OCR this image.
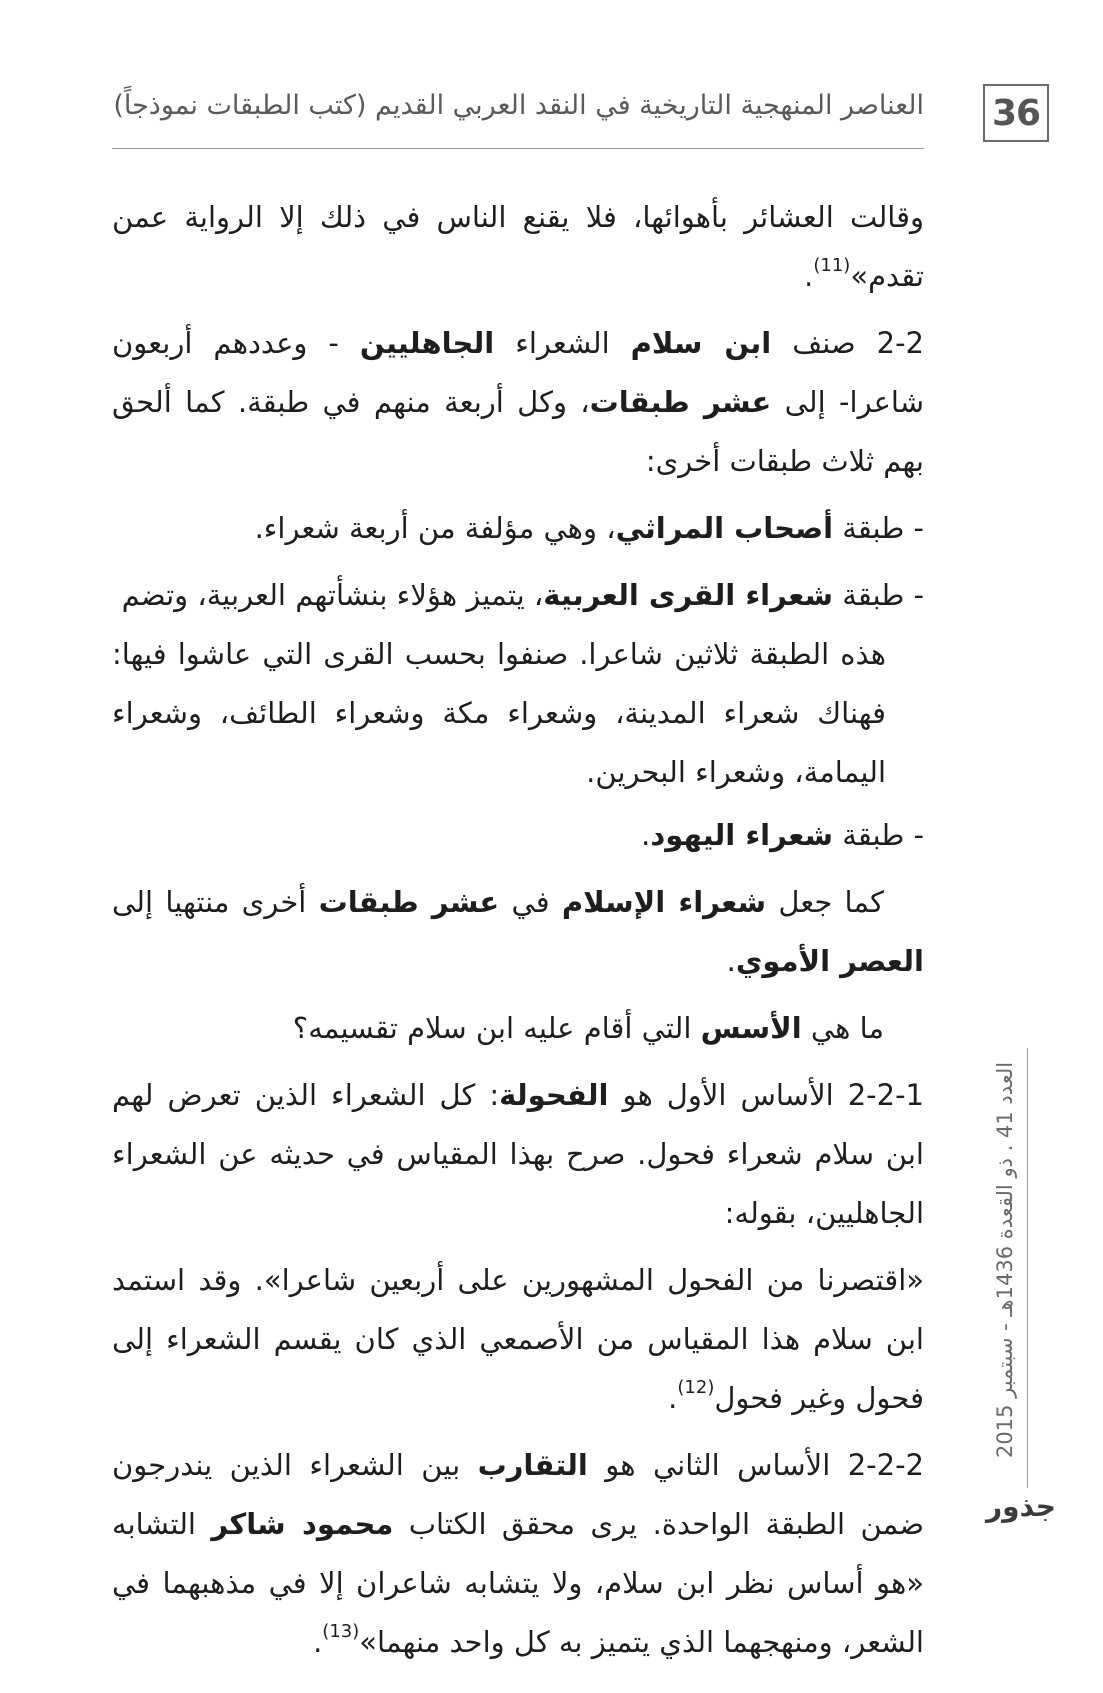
36
العناصر المنهجية التاريخية في النقد العربي القديم (كتب الطبقات نموذجاً)

وقالت العشائر بأهوائها، فلا يقنع الناس في ذلك إلا الرواية عمن تقدم»$^{(11)}$.

2-2 صنف ابن سلام الشعراء الجاهليين - وعددهم أربعون شاعرا- إلى عشر طبقات، وكل أربعة منهم في طبقة. كما ألحق بهم ثلاث طبقات أخرى:

- طبقة أصحاب المراثي، وهي مؤلفة من أربعة شعراء.

- طبقة شعراء القرى العربية، يتميز هؤلاء بنشأتهم العربية، وتضم

هذه الطبقة ثلاثين شاعرا. صنفوا بحسب القرى التي عاشوا فيها: فهناك شعراء المدينة، وشعراء مكة وشعراء الطائف، وشعراء اليمامة، وشعراء البحرين.

- طبقة شعراء اليهود.

كما جعل شعراء الإسلام في عشر طبقات أخرى منتهيا إلى العصر الأموي.

ما هي الأسس التي أقام عليه ابن سلام تقسيمه؟

2-2-1 الأساس الأول هو الفحولة: كل الشعراء الذين تعرض لهم ابن سلام شعراء فحول. صرح بهذا المقياس في حديثه عن الشعراء الجاهليين، بقوله:

«اقتصرنا من الفحول المشهورين على أربعين شاعرا». وقد استمد ابن سلام هذا المقياس من الأصمعي الذي كان يقسم الشعراء إلى فحول وغير فحول$^{(12)}$.

2-2-2 الأساس الثاني هو التقارب بين الشعراء الذين يندرجون ضمن الطبقة الواحدة. يرى محقق الكتاب محمود شاكر التشابه «هو أساس نظر ابن سلام، ولا يتشابه شاعران إلا في مذهبهما في الشعر، ومنهجهما الذي يتميز به كل واحد منهما»$^{(13)}$.

العدد 41 . ذو القعدة 1436هـ - سبتمبر 2015
جذور
